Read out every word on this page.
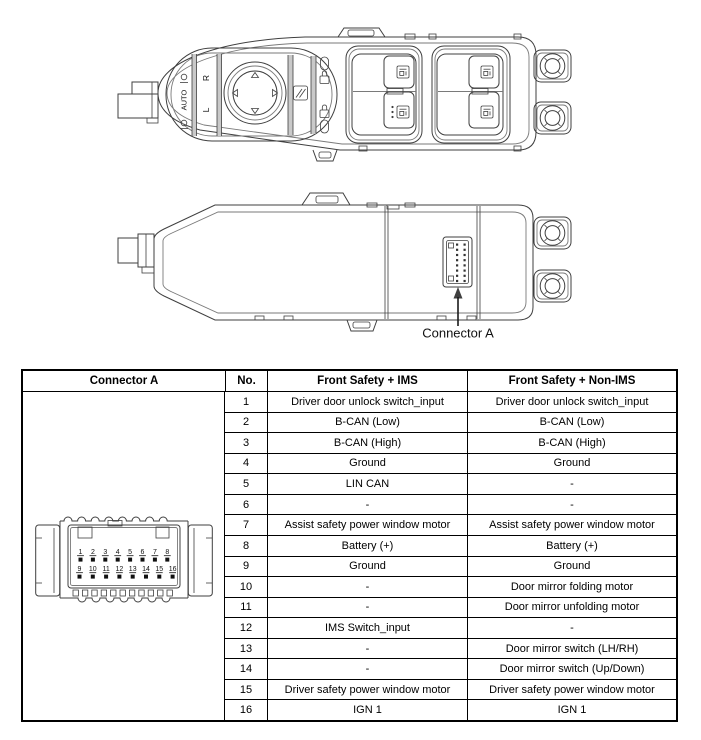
AUTO
R
L
Connector A
Connector A	No.	Front Safety + IMS	Front Safety + Non-IMS
1 2 3 4 5 6 7 8
9 10 11 12 13 14 15 16
1	Driver door unlock switch_input	Driver door unlock switch_input
2	B-CAN (Low)	B-CAN (Low)
3	B-CAN (High)	B-CAN (High)
4	Ground	Ground
5	LIN CAN	-
6	-	-
7	Assist safety power window motor	Assist safety power window motor
8	Battery (+)	Battery (+)
9	Ground	Ground
10	-	Door mirror folding motor
11	-	Door mirror unfolding motor
12	IMS Switch_input	-
13	-	Door mirror switch (LH/RH)
14	-	Door mirror switch (Up/Down)
15	Driver safety power window motor	Driver safety power window motor
16	IGN 1	IGN 1
